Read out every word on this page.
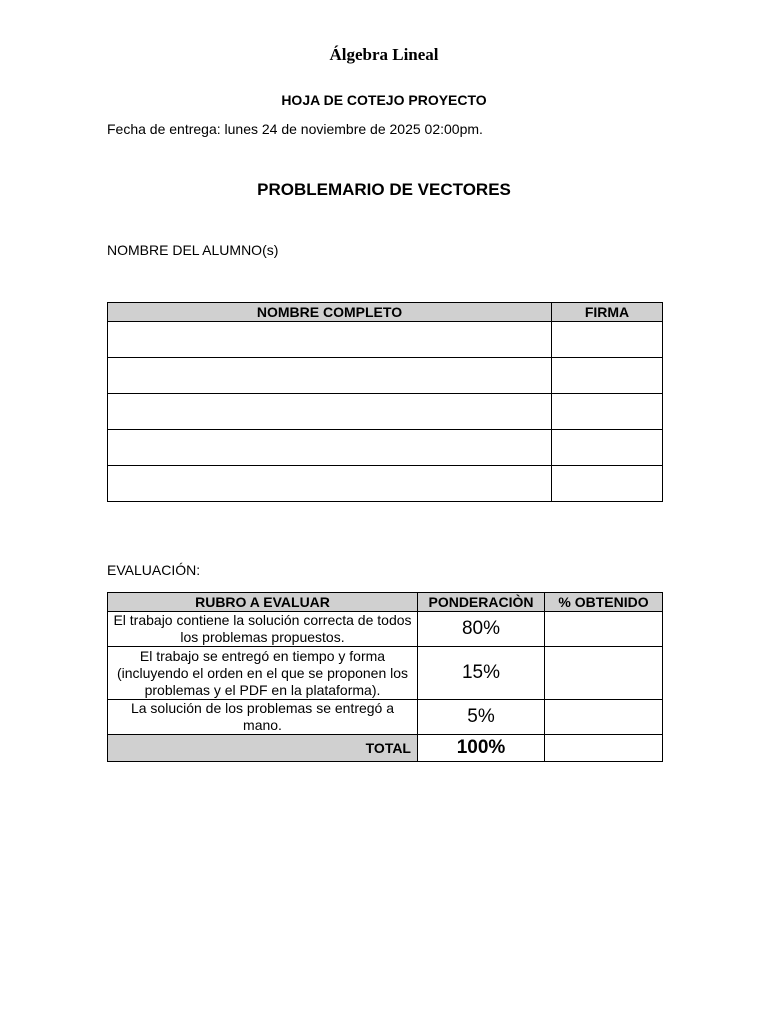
Álgebra Lineal
HOJA DE COTEJO PROYECTO
Fecha de entrega: lunes 24 de noviembre de 2025 02:00pm.
PROBLEMARIO DE VECTORES
NOMBRE DEL ALUMNO(s)
NOMBRE COMPLETO	FIRMA

EVALUACIÓN:
RUBRO A EVALUAR	PONDERACIÒN	% OBTENIDO
El trabajo contiene la solución correcta de todos los problemas propuestos.	80%	
El trabajo se entregó en tiempo y forma (incluyendo el orden en el que se proponen los problemas y el PDF en la plataforma).	15%	
La solución de los problemas se entregó a mano.	5%	
TOTAL	100%	
